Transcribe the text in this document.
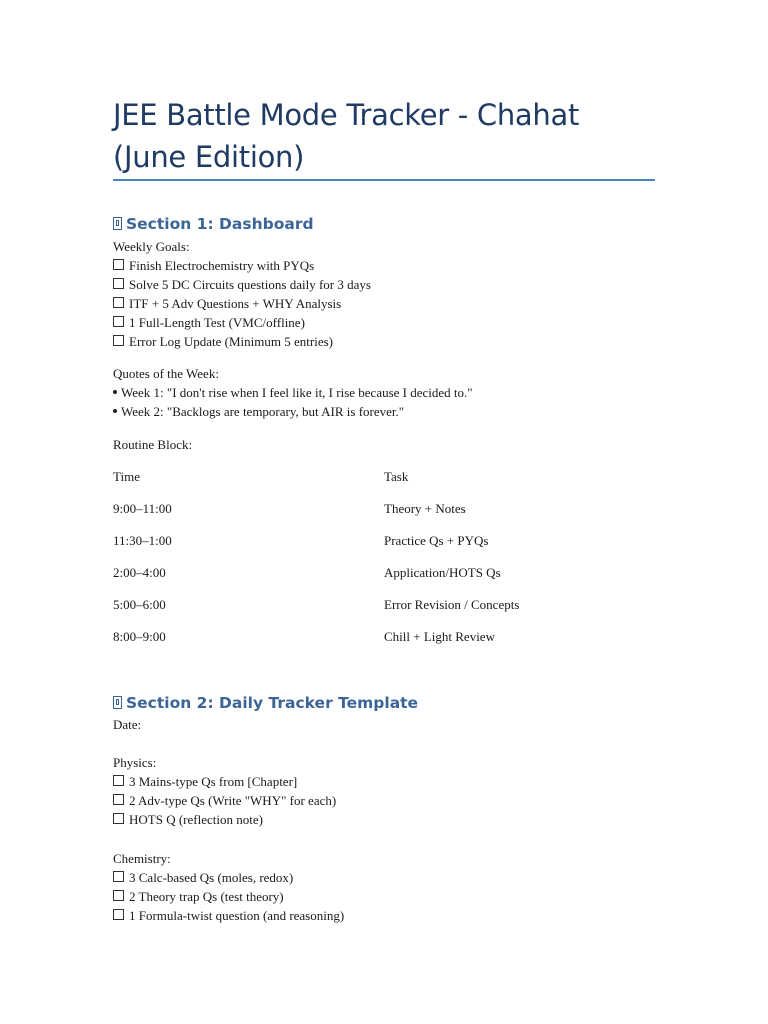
JEE Battle Mode Tracker - Chahat (June Edition)
Section 1: Dashboard

Weekly Goals:

Finish Electrochemistry with PYQs

Solve 5 DC Circuits questions daily for 3 days

ITF + 5 Adv Questions + WHY Analysis

1 Full-Length Test (VMC/offline)

Error Log Update (Minimum 5 entries)

Quotes of the Week:

Week 1: "I don't rise when I feel like it, I rise because I decided to."

Week 2: "Backlogs are temporary, but AIR is forever."

Routine Block:

Time	Task
9:00–11:00	Theory + Notes
11:30–1:00	Practice Qs + PYQs
2:00–4:00	Application/HOTS Qs
5:00–6:00	Error Revision / Concepts
8:00–9:00	Chill + Light Review
Section 2: Daily Tracker Template

Date:

Physics:

3 Mains-type Qs from [Chapter]

2 Adv-type Qs (Write "WHY" for each)

HOTS Q (reflection note)

Chemistry:

3 Calc-based Qs (moles, redox)

2 Theory trap Qs (test theory)

1 Formula-twist question (and reasoning)
